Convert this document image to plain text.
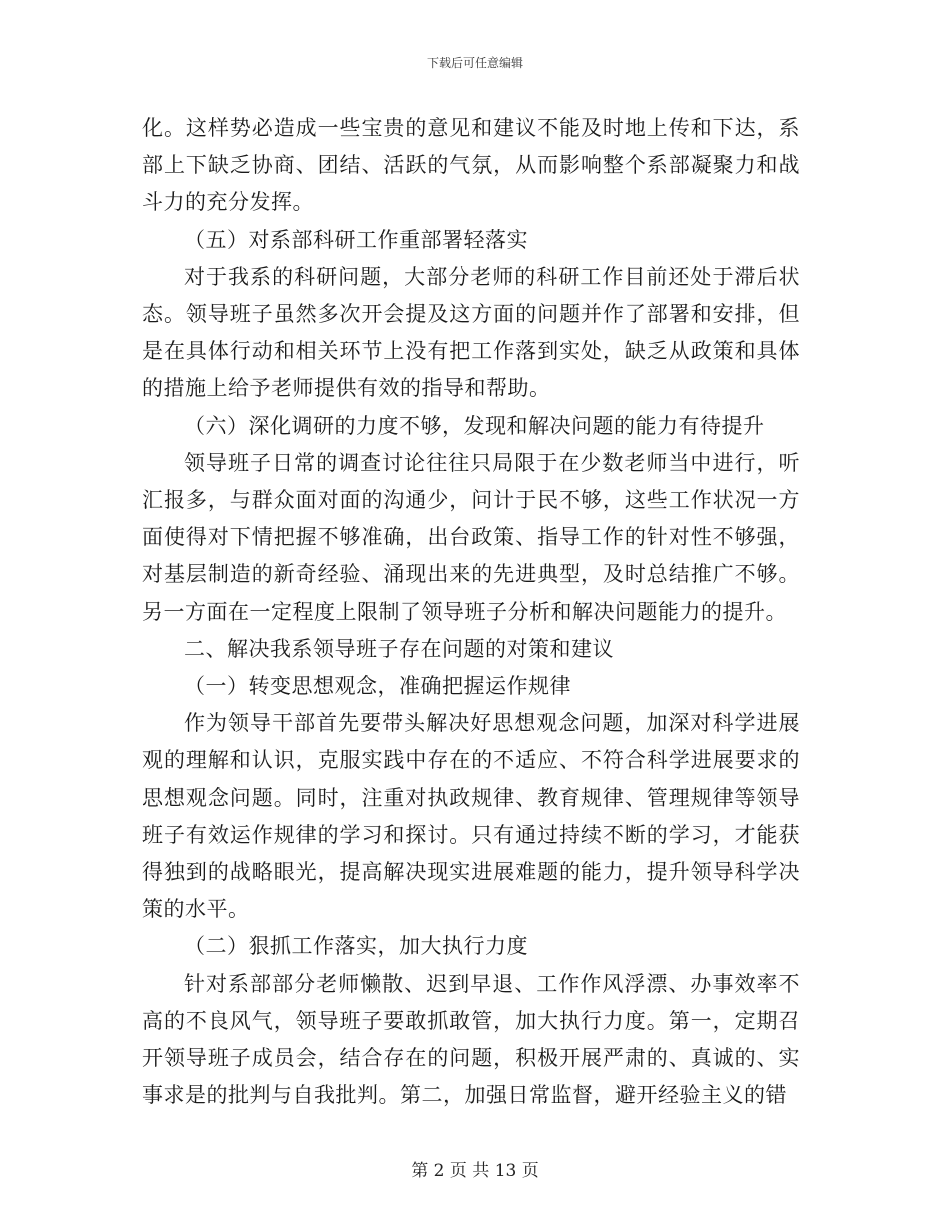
下载后可任意编辑

化。这样势必造成一些宝贵的意见和建议不能及时地上传和下达，系部上下缺乏协商、团结、活跃的气氛，从而影响整个系部凝聚力和战斗力的充分发挥。

（五）对系部科研工作重部署轻落实

对于我系的科研问题，大部分老师的科研工作目前还处于滞后状态。领导班子虽然多次开会提及这方面的问题并作了部署和安排，但是在具体行动和相关环节上没有把工作落到实处，缺乏从政策和具体的措施上给予老师提供有效的指导和帮助。

（六）深化调研的力度不够，发现和解决问题的能力有待提升

领导班子日常的调查讨论往往只局限于在少数老师当中进行，听汇报多，与群众面对面的沟通少，问计于民不够，这些工作状况一方面使得对下情把握不够准确，出台政策、指导工作的针对性不够强，对基层制造的新奇经验、涌现出来的先进典型，及时总结推广不够。另一方面在一定程度上限制了领导班子分析和解决问题能力的提升。

二、解决我系领导班子存在问题的对策和建议

（一）转变思想观念，准确把握运作规律

作为领导干部首先要带头解决好思想观念问题，加深对科学进展观的理解和认识，克服实践中存在的不适应、不符合科学进展要求的思想观念问题。同时，注重对执政规律、教育规律、管理规律等领导班子有效运作规律的学习和探讨。只有通过持续不断的学习，才能获得独到的战略眼光，提高解决现实进展难题的能力，提升领导科学决策的水平。

（二）狠抓工作落实，加大执行力度

针对系部部分老师懒散、迟到早退、工作作风浮漂、办事效率不高的不良风气，领导班子要敢抓敢管，加大执行力度。第一，定期召开领导班子成员会，结合存在的问题，积极开展严肃的、真诚的、实事求是的批判与自我批判。第二，加强日常监督，避开经验主义的错

第 2 页 共 13 页
